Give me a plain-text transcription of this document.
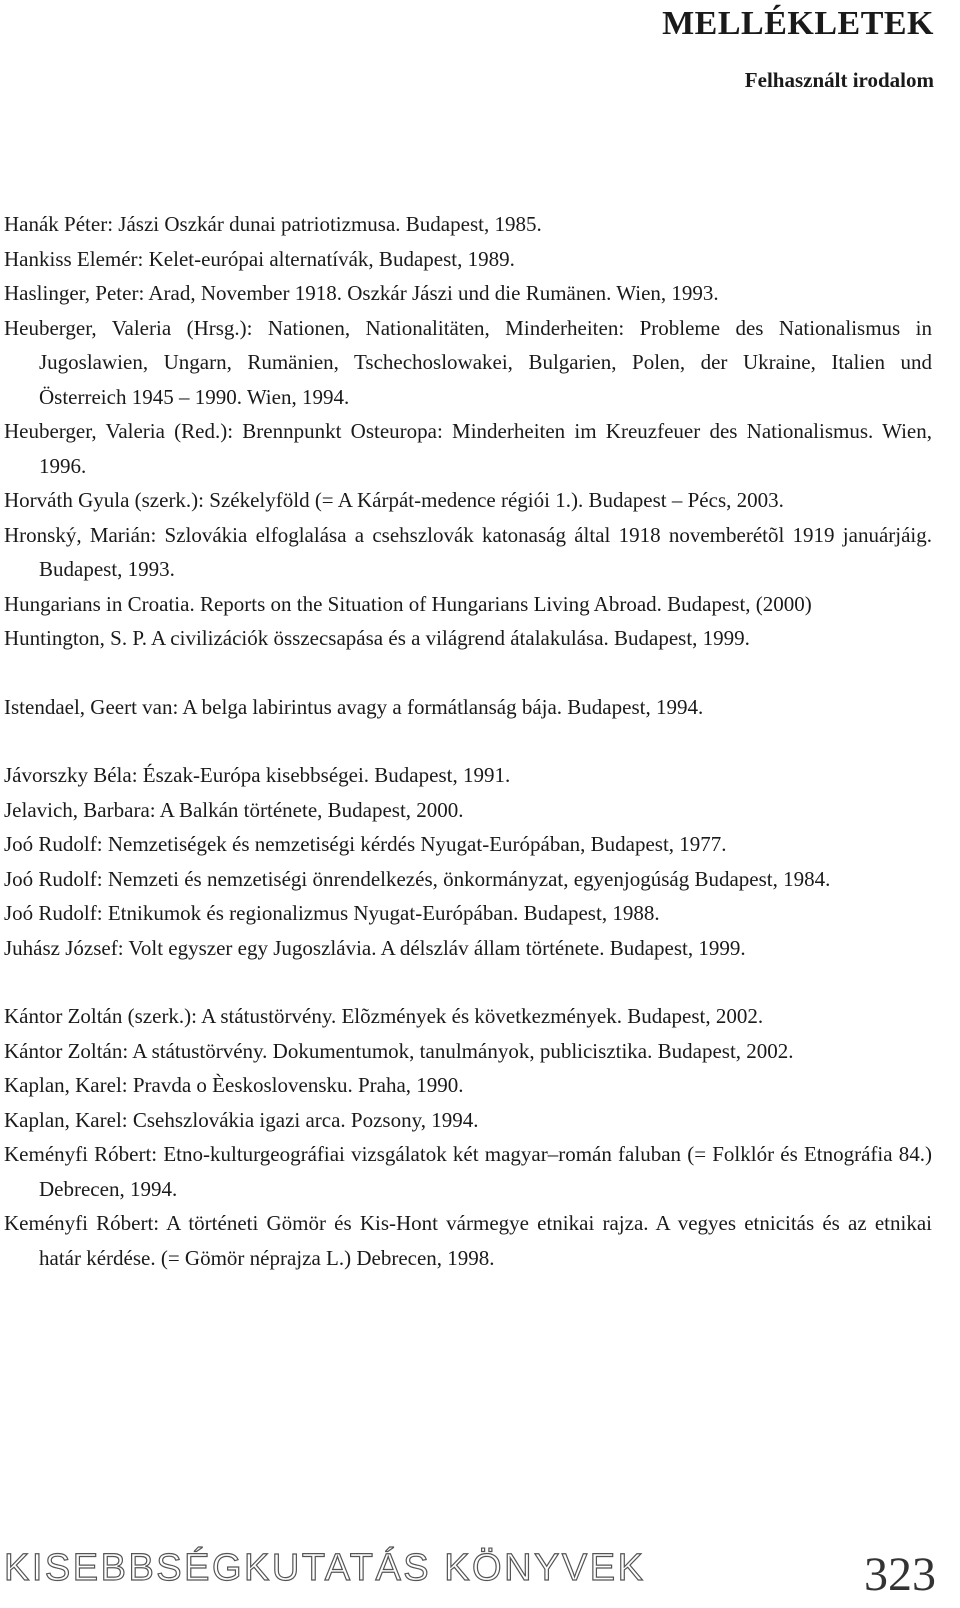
MELLÉKLETEK
Felhasznált irodalom

Hanák Péter: Jászi Oszkár dunai patriotizmusa. Budapest, 1985.

Hankiss Elemér: Kelet-európai alternatívák, Budapest, 1989.

Haslinger, Peter: Arad, November 1918. Oszkár Jászi und die Rumänen. Wien, 1993.

Heuberger, Valeria (Hrsg.): Nationen, Nationalitäten, Minderheiten: Probleme des Nationalismus in Jugoslawien, Ungarn, Rumänien, Tschechoslowakei, Bulgarien, Polen, der Ukraine, Italien und Österreich 1945 – 1990. Wien, 1994.

Heuberger, Valeria (Red.): Brennpunkt Osteuropa: Minderheiten im Kreuzfeuer des Nationalismus. Wien, 1996.

Horváth Gyula (szerk.): Székelyföld (= A Kárpát-medence régiói 1.). Budapest – Pécs, 2003.

Hronský, Marián: Szlovákia elfoglalása a csehszlovák katonaság által 1918 novemberétõl 1919 januárjáig. Budapest, 1993.

Hungarians in Croatia. Reports on the Situation of Hungarians Living Abroad. Budapest, (2000)

Huntington, S. P. A civilizációk összecsapása és a világrend átalakulása. Budapest, 1999.

Istendael, Geert van: A belga labirintus avagy a formátlanság bája. Budapest, 1994.

Jávorszky Béla: Észak-Európa kisebbségei. Budapest, 1991.

Jelavich, Barbara: A Balkán története, Budapest, 2000.

Joó Rudolf: Nemzetiségek és nemzetiségi kérdés Nyugat-Európában, Budapest, 1977.

Joó Rudolf: Nemzeti és nemzetiségi önrendelkezés, önkormányzat, egyenjogúság Budapest, 1984.

Joó Rudolf: Etnikumok és regionalizmus Nyugat-Európában. Budapest, 1988.

Juhász József: Volt egyszer egy Jugoszlávia. A délszláv állam története. Budapest, 1999.

Kántor Zoltán (szerk.): A státustörvény. Elõzmények és következmények. Budapest, 2002.

Kántor Zoltán: A státustörvény. Dokumentumok, tanulmányok, publicisztika. Budapest, 2002.

Kaplan, Karel: Pravda o Èeskoslovensku. Praha, 1990.

Kaplan, Karel: Csehszlovákia igazi arca. Pozsony, 1994.

Keményfi Róbert: Etno-kulturgeográfiai vizsgálatok két magyar–román faluban (= Folklór és Etnográfia 84.) Debrecen, 1994.

Keményfi Róbert: A történeti Gömör és Kis-Hont vármegye etnikai rajza. A vegyes etnicitás és az etnikai határ kérdése. (= Gömör néprajza L.) Debrecen, 1998.

KISEBBSÉGKUTATÁS KÖNYVEK	323
